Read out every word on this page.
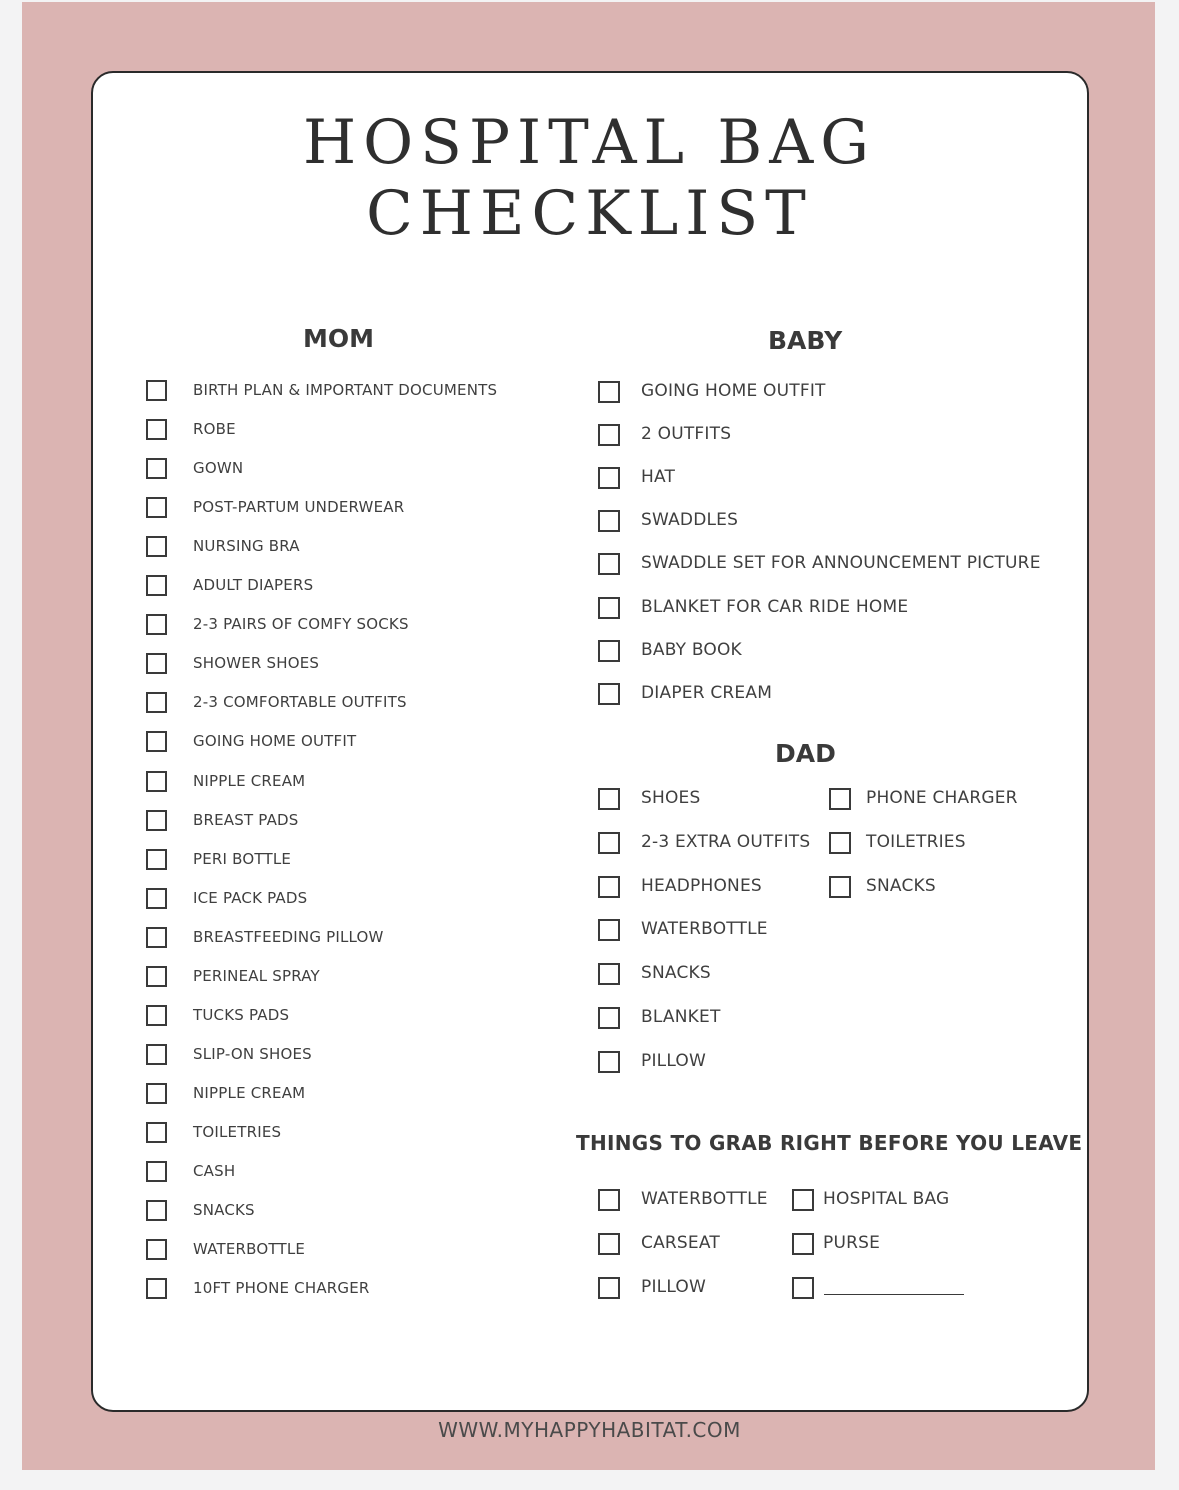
HOSPITAL BAG
CHECKLIST
MOM	BABY
DAD
THINGS TO GRAB RIGHT BEFORE YOU LEAVE
BIRTH PLAN & IMPORTANT DOCUMENTS
ROBE
GOWN
POST-PARTUM UNDERWEAR
NURSING BRA
ADULT DIAPERS
2-3 PAIRS OF COMFY SOCKS
SHOWER SHOES
2-3 COMFORTABLE OUTFITS
GOING HOME OUTFIT
NIPPLE CREAM
BREAST PADS
PERI BOTTLE
ICE PACK PADS
BREASTFEEDING PILLOW
PERINEAL SPRAY
TUCKS PADS
SLIP-ON SHOES
NIPPLE CREAM
TOILETRIES
CASH
SNACKS
WATERBOTTLE
10FT PHONE CHARGER
GOING HOME OUTFIT
2 OUTFITS
HAT
SWADDLES
SWADDLE SET FOR ANNOUNCEMENT PICTURE
BLANKET FOR CAR RIDE HOME
BABY BOOK
DIAPER CREAM
SHOES
2-3 EXTRA OUTFITS
HEADPHONES
WATERBOTTLE
SNACKS
BLANKET
PILLOW
PHONE CHARGER
TOILETRIES
SNACKS
WATERBOTTLE
CARSEAT
PILLOW
HOSPITAL BAG
PURSE
WWW.MYHAPPYHABITAT.COM
